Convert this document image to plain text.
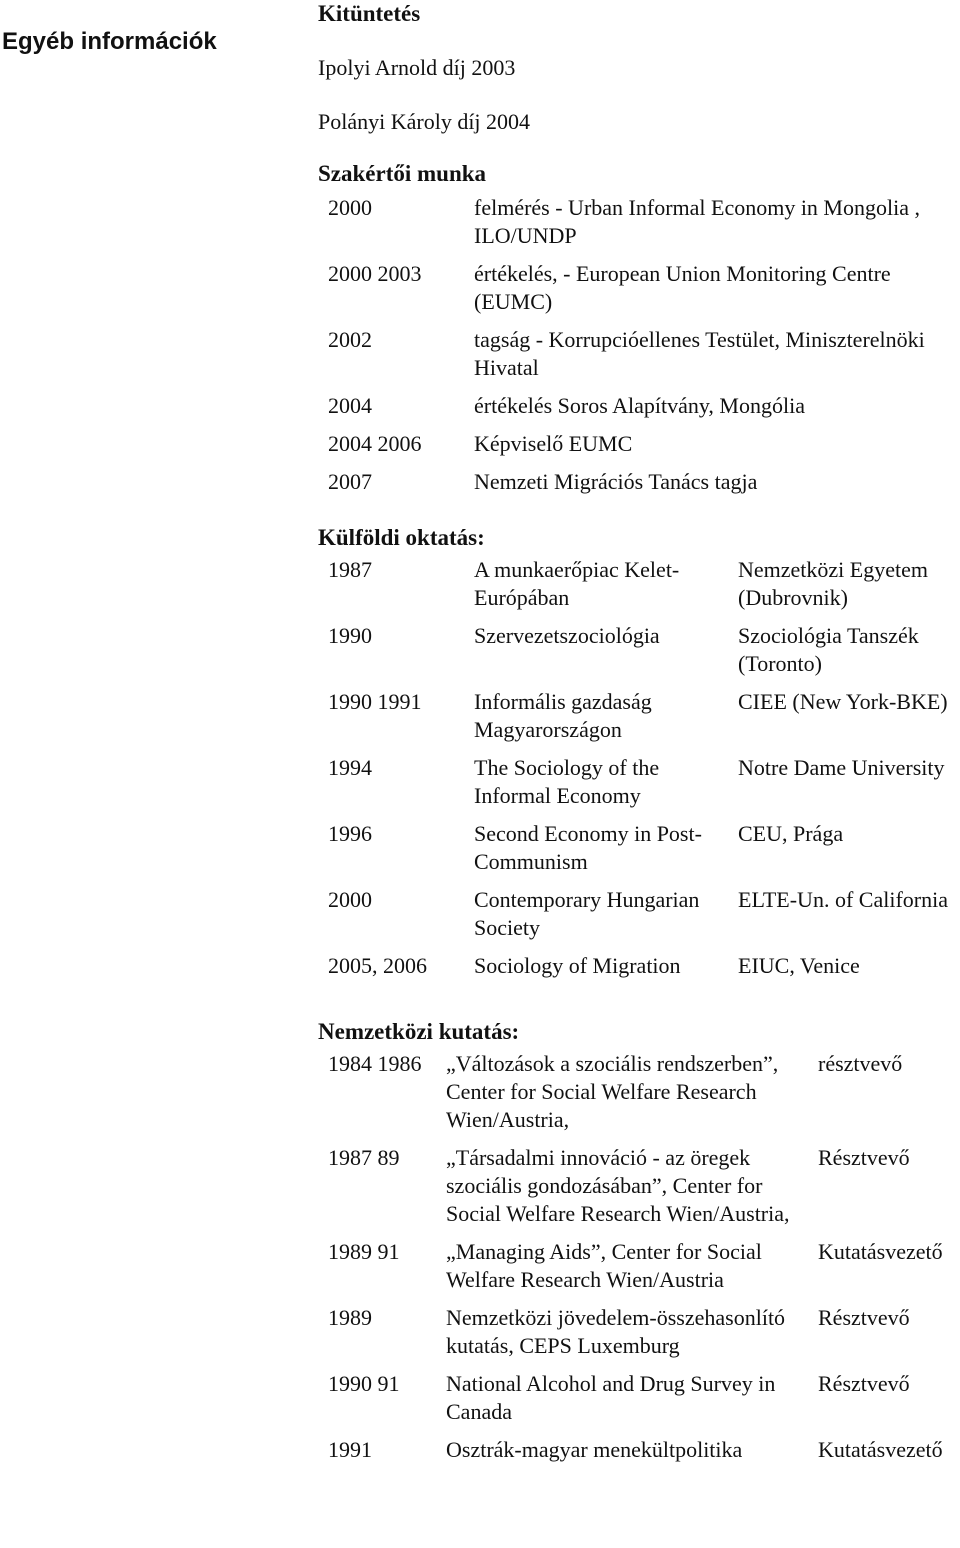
Egyéb információk
Kitüntetés

Ipolyi Arnold díj 2003

Polányi Károly díj 2004

Szakértői munka
2000	felmérés - Urban Informal Economy in Mongolia , ILO/UNDP
2000 2003	értékelés, - European Union Monitoring Centre (EUMC)
2002	tagság - Korrupcióellenes Testület, Miniszterelnöki Hivatal
2004	értékelés Soros Alapítvány, Mongólia
2004 2006	Képviselő EUMC
2007	Nemzeti Migrációs Tanács tagja
Külföldi oktatás:
1987	A munkaerőpiac Kelet-Európában	Nemzetközi Egyetem (Dubrovnik)
1990	Szervezetszociológia	Szociológia Tanszék (Toronto)
1990 1991	Informális gazdaság Magyarországon	CIEE (New York-BKE)
1994	The Sociology of the Informal Economy	Notre Dame University
1996	Second Economy in Post-Communism	CEU, Prága
2000	Contemporary Hungarian Society	ELTE-Un. of California
2005, 2006	Sociology of Migration	EIUC, Venice
Nemzetközi kutatás:
1984 1986	„Változások a szociális rendszerben”, Center for Social Welfare Research Wien/Austria,	résztvevő
1987 89	„Társadalmi innováció - az öregek szociális gondozásában”, Center for Social Welfare Research Wien/Austria,	Résztvevő
1989 91	„Managing Aids”, Center for Social Welfare Research Wien/Austria	Kutatásvezető
1989	Nemzetközi jövedelem-összehasonlító kutatás, CEPS Luxemburg	Résztvevő
1990 91	National Alcohol and Drug Survey in Canada	Résztvevő
1991	Osztrák-magyar menekültpolitika	Kutatásvezető
